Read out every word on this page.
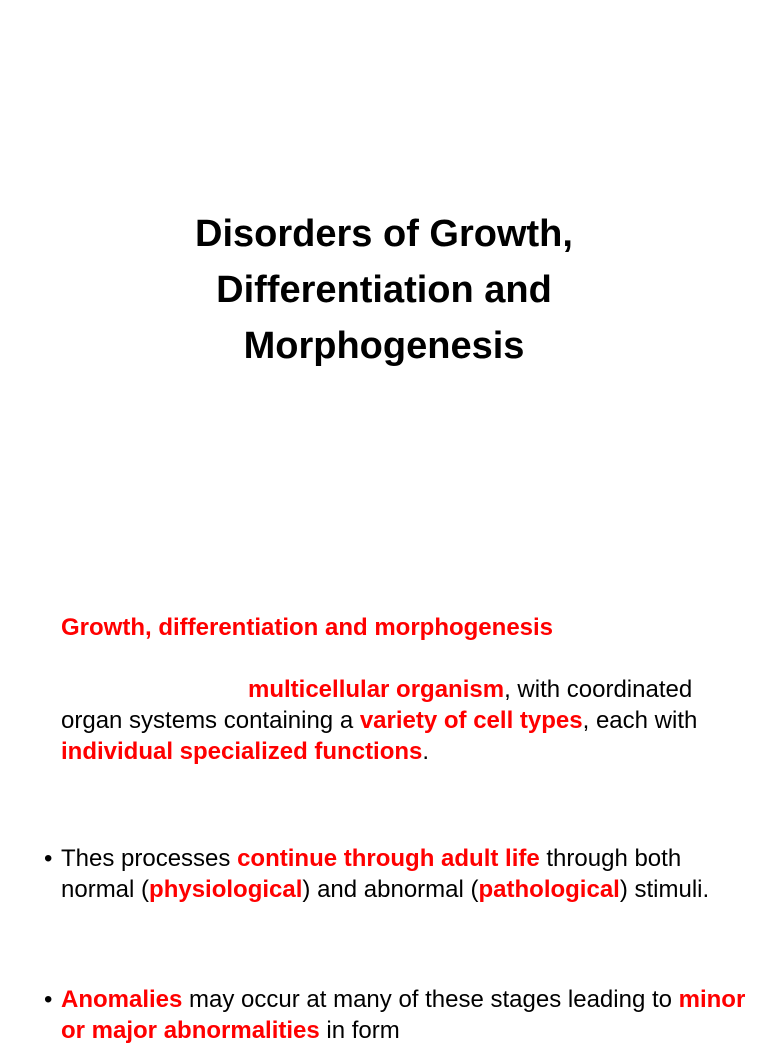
Disorders of Growth,
Differentiation and
Morphogenesis

Growth, differentiation and morphogenesis

multicellular organism, with coordinated organ systems containing a variety of cell types, each with individual specialized functions.

• Thes processes continue through adult life through both normal (physiological) and abnormal (pathological) stimuli.

• Anomalies may occur at many of these stages leading to minor or major abnormalities in form
